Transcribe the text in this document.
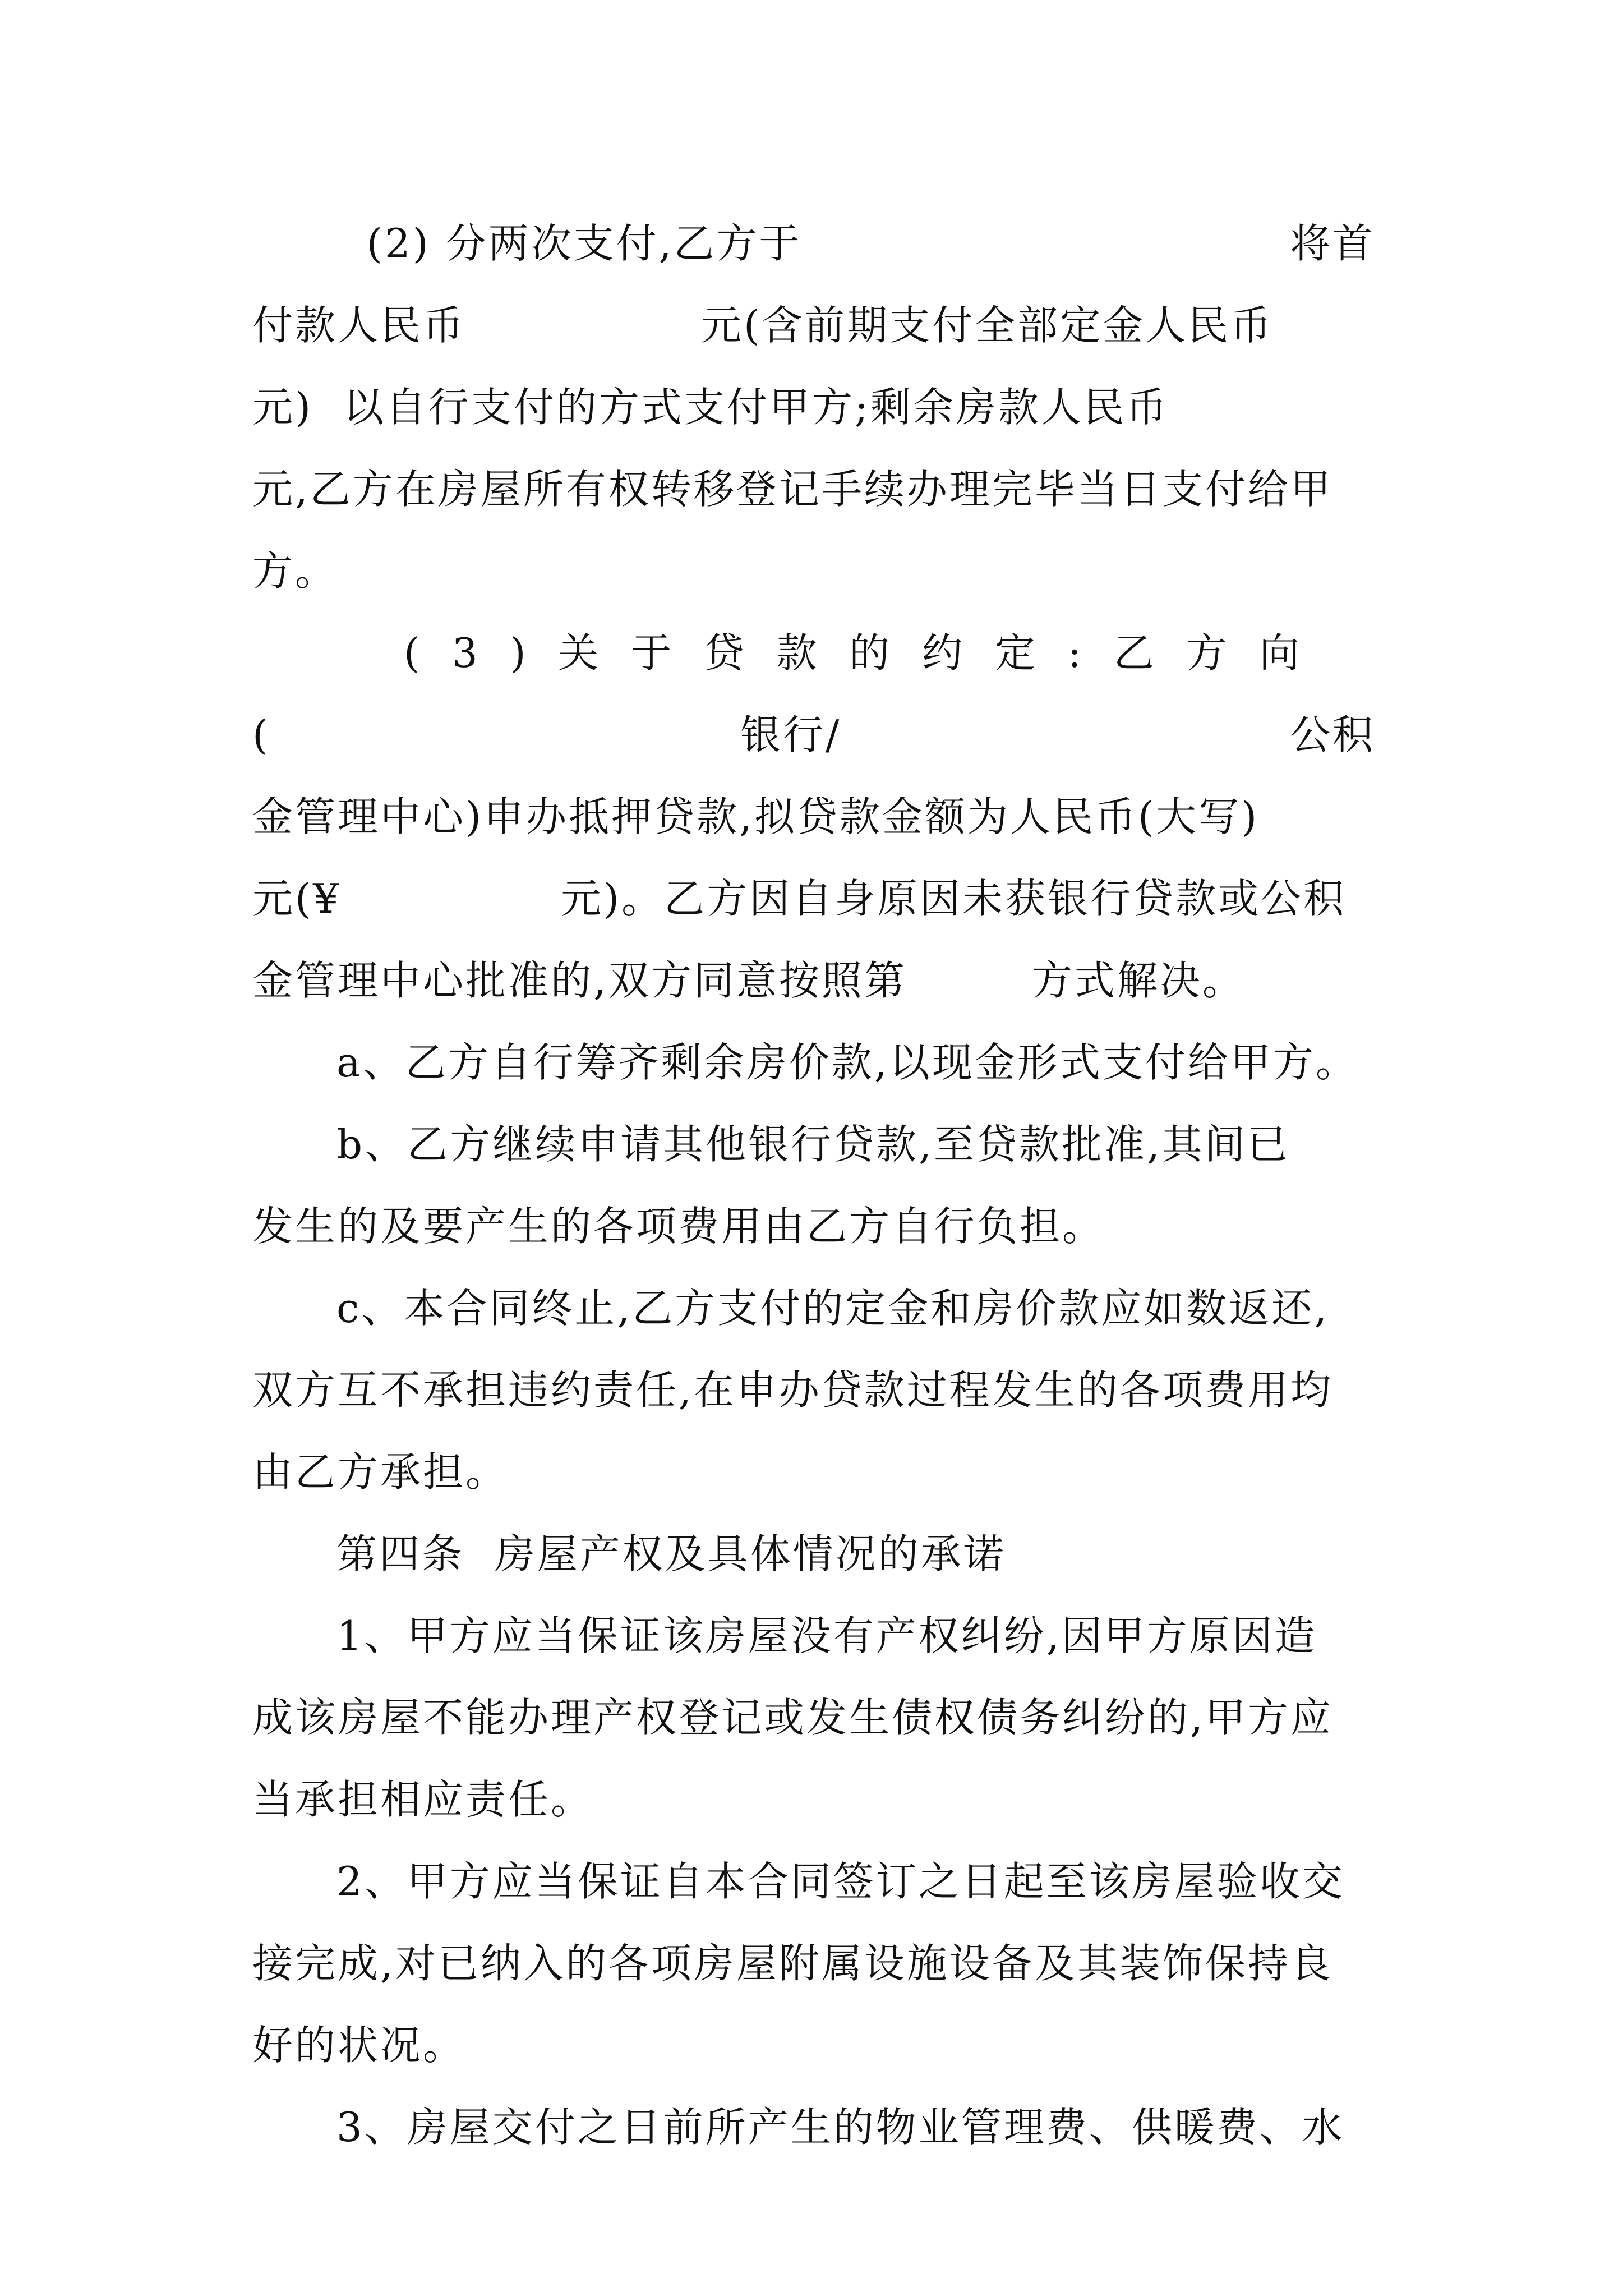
(2) 分两次支付,乙方于	将首

付款人民币	元(含前期支付全部定金人民币

元)  以自行支付的方式支付甲方;剩余房款人民币

元,乙方在房屋所有权转移登记手续办理完毕当日支付给甲

方。

(  3  )  关  于  贷  款  的  约  定  :  乙  方  向

(	银行/	公积

金管理中心)申办抵押贷款,拟贷款金额为人民币(大写)

元(¥	元)。乙方因自身原因未获银行贷款或公积

金管理中心批准的,双方同意按照第	方式解决。

a、乙方自行筹齐剩余房价款,以现金形式支付给甲方。

b、乙方继续申请其他银行贷款,至贷款批准,其间已

发生的及要产生的各项费用由乙方自行负担。

c、本合同终止,乙方支付的定金和房价款应如数返还,

双方互不承担违约责任,在申办贷款过程发生的各项费用均

由乙方承担。

第四条  房屋产权及具体情况的承诺

1、甲方应当保证该房屋没有产权纠纷,因甲方原因造

成该房屋不能办理产权登记或发生债权债务纠纷的,甲方应

当承担相应责任。

2、甲方应当保证自本合同签订之日起至该房屋验收交

接完成,对已纳入的各项房屋附属设施设备及其装饰保持良

好的状况。

3、房屋交付之日前所产生的物业管理费、供暖费、水
